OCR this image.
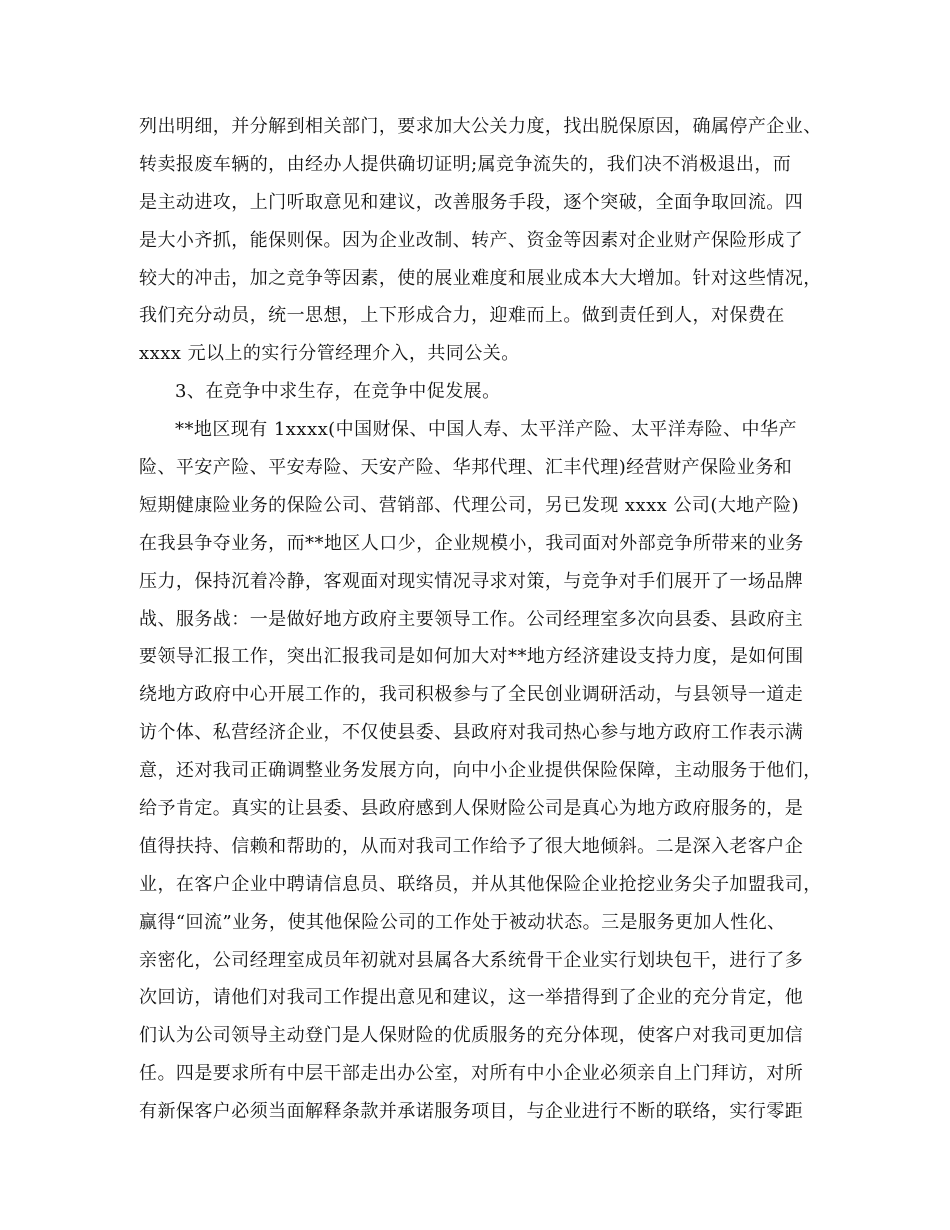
列出明细，并分解到相关部门，要求加大公关力度，找出脱保原因，确属停产企业、
转卖报废车辆的，由经办人提供确切证明;属竞争流失的，我们决不消极退出，而
是主动进攻，上门听取意见和建议，改善服务手段，逐个突破，全面争取回流。四
是大小齐抓，能保则保。因为企业改制、转产、资金等因素对企业财产保险形成了
较大的冲击，加之竞争等因素，使的展业难度和展业成本大大增加。针对这些情况，
我们充分动员，统一思想，上下形成合力，迎难而上。做到责任到人，对保费在
xxxx 元以上的实行分管经理介入，共同公关。
3、在竞争中求生存，在竞争中促发展。
**地区现有 1xxxx(中国财保、中国人寿、太平洋产险、太平洋寿险、中华产
险、平安产险、平安寿险、天安产险、华邦代理、汇丰代理)经营财产保险业务和
短期健康险业务的保险公司、营销部、代理公司，另已发现 xxxx 公司(大地产险)
在我县争夺业务，而**地区人口少，企业规模小，我司面对外部竞争所带来的业务
压力，保持沉着冷静，客观面对现实情况寻求对策，与竞争对手们展开了一场品牌
战、服务战：一是做好地方政府主要领导工作。公司经理室多次向县委、县政府主
要领导汇报工作，突出汇报我司是如何加大对**地方经济建设支持力度，是如何围
绕地方政府中心开展工作的，我司积极参与了全民创业调研活动，与县领导一道走
访个体、私营经济企业，不仅使县委、县政府对我司热心参与地方政府工作表示满
意，还对我司正确调整业务发展方向，向中小企业提供保险保障，主动服务于他们，
给予肯定。真实的让县委、县政府感到人保财险公司是真心为地方政府服务的，是
值得扶持、信赖和帮助的，从而对我司工作给予了很大地倾斜。二是深入老客户企
业，在客户企业中聘请信息员、联络员，并从其他保险企业抢挖业务尖子加盟我司，
赢得“回流”业务，使其他保险公司的工作处于被动状态。三是服务更加人性化、
亲密化，公司经理室成员年初就对县属各大系统骨干企业实行划块包干，进行了多
次回访，请他们对我司工作提出意见和建议，这一举措得到了企业的充分肯定，他
们认为公司领导主动登门是人保财险的优质服务的充分体现，使客户对我司更加信
任。四是要求所有中层干部走出办公室，对所有中小企业必须亲自上门拜访，对所
有新保客户必须当面解释条款并承诺服务项目，与企业进行不断的联络，实行零距
